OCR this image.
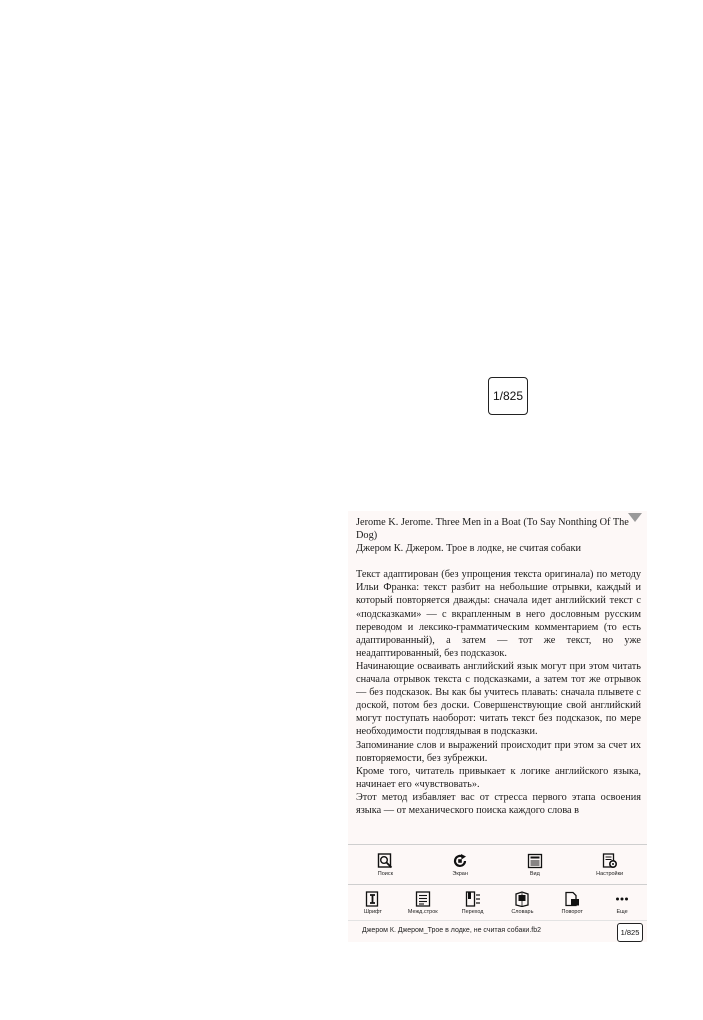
1/825

Jerome K. Jerome. Three Men in a Boat (To Say Nonthing Of The Dog)

Джером К. Джером. Трое в лодке, не считая собаки

Текст адаптирован (без упрощения текста оригинала) по методу Ильи Франка: текст разбит на небольшие отрывки, каждый и который повторяется дважды: сначала идет английский текст с «подсказками» — с вкрапленным в него дословным русским переводом и лексико-грамматическим комментарием (то есть адаптированный), а затем — тот же текст, но уже неадаптированный, без подсказок.

Начинающие осваивать английский язык могут при этом читать сначала отрывок текста с подсказками, а затем тот же отрывок — без подсказок. Вы как бы учитесь плавать: сначала плывете с доской, потом без доски. Совершенствующие свой английский могут поступать наоборот: читать текст без подсказок, по мере необходимости подглядывая в подсказки.

Запоминание слов и выражений происходит при этом за счет их повторяемости, без зубрежки.

Кроме того, читатель привыкает к логике английского языка, начинает его «чувствовать».

Этот метод избавляет вас от стресса первого этапа освоения языка — от механического поиска каждого слова в

Поиск	Экран	Вид	Настройки
Шрифт	Межд.строк	Переход	Словарь	Поворот	Еще
Джером К. Джером_Трое в лодке, не считая собаки.fb2	1/825
